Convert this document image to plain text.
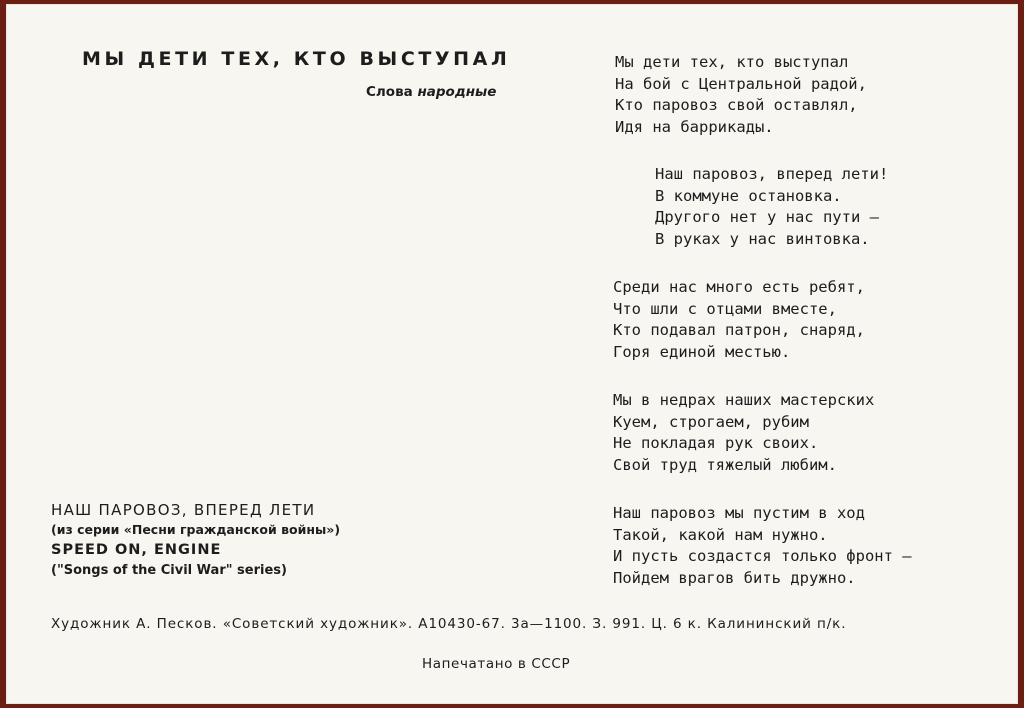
МЫ ДЕТИ ТЕХ, КТО ВЫСТУПАЛ
Слова народные
Мы дети тех, кто выступал
На бой с Центральной радой,
Кто паровоз свой оставлял,
Идя на баррикады.
Наш паровоз, вперед лети!
В коммуне остановка.
Другого нет у нас пути —
В руках у нас винтовка.
Среди нас много есть ребят,
Что шли с отцами вместе,
Кто подавал патрон, снаряд,
Горя единой местью.
Мы в недрах наших мастерских
Куем, строгаем, рубим
Не покладая рук своих.
Свой труд тяжелый любим.
Наш паровоз мы пустим в ход
Такой, какой нам нужно.
И пусть создастся только фронт —
Пойдем врагов бить дружно.
НАШ ПАРОВОЗ, ВПЕРЕД ЛЕТИ
(из серии «Песни гражданской войны»)
SPEED ON, ENGINE
("Songs of the Civil War" series)
Художник А. Песков. «Советский художник». А10430-67. 3а—1100. З. 991. Ц. 6 к. Калининский п/к.
Напечатано в СССР
